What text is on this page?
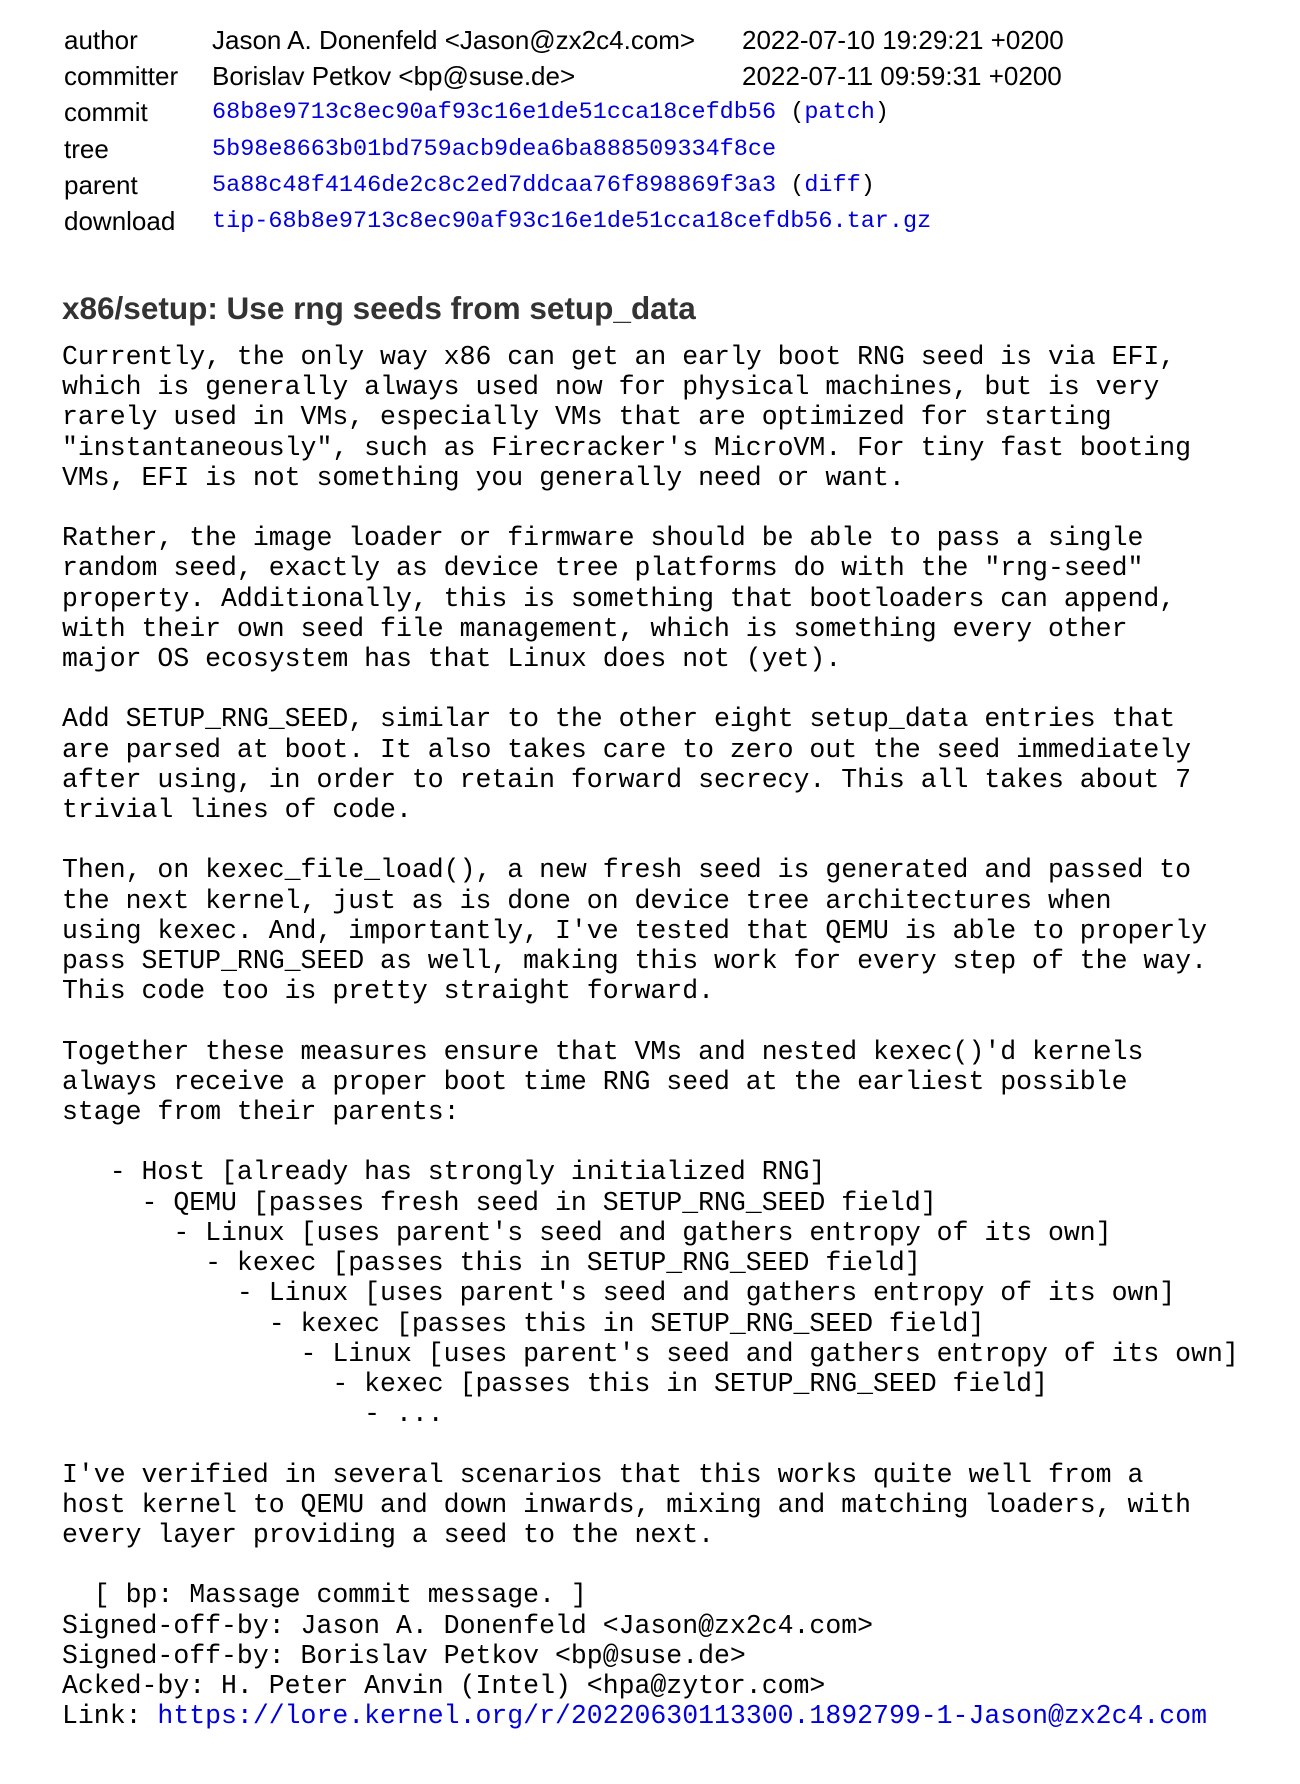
author	Jason A. Donenfeld <Jason@zx2c4.com>	2022-07-10 19:29:21 +0200
committer	Borislav Petkov <bp@suse.de>	2022-07-11 09:59:31 +0200
commit	68b8e9713c8ec90af93c16e1de51cca18cefdb56 (patch)
tree	5b98e8663b01bd759acb9dea6ba888509334f8ce
parent	5a88c48f4146de2c8c2ed7ddcaa76f898869f3a3 (diff)
download	tip-68b8e9713c8ec90af93c16e1de51cca18cefdb56.tar.gz
x86/setup: Use rng seeds from setup_data
Currently, the only way x86 can get an early boot RNG seed is via EFI,
which is generally always used now for physical machines, but is very
rarely used in VMs, especially VMs that are optimized for starting
"instantaneously", such as Firecracker's MicroVM. For tiny fast booting
VMs, EFI is not something you generally need or want.

Rather, the image loader or firmware should be able to pass a single
random seed, exactly as device tree platforms do with the "rng-seed"
property. Additionally, this is something that bootloaders can append,
with their own seed file management, which is something every other
major OS ecosystem has that Linux does not (yet).

Add SETUP_RNG_SEED, similar to the other eight setup_data entries that
are parsed at boot. It also takes care to zero out the seed immediately
after using, in order to retain forward secrecy. This all takes about 7
trivial lines of code.

Then, on kexec_file_load(), a new fresh seed is generated and passed to
the next kernel, just as is done on device tree architectures when
using kexec. And, importantly, I've tested that QEMU is able to properly
pass SETUP_RNG_SEED as well, making this work for every step of the way.
This code too is pretty straight forward.

Together these measures ensure that VMs and nested kexec()'d kernels
always receive a proper boot time RNG seed at the earliest possible
stage from their parents:

- Host [already has strongly initialized RNG]
- QEMU [passes fresh seed in SETUP_RNG_SEED field]
- Linux [uses parent's seed and gathers entropy of its own]
- kexec [passes this in SETUP_RNG_SEED field]
- Linux [uses parent's seed and gathers entropy of its own]
- kexec [passes this in SETUP_RNG_SEED field]
- Linux [uses parent's seed and gathers entropy of its own]
- kexec [passes this in SETUP_RNG_SEED field]
- ...

I've verified in several scenarios that this works quite well from a
host kernel to QEMU and down inwards, mixing and matching loaders, with
every layer providing a seed to the next.

[ bp: Massage commit message. ]

Signed-off-by: Jason A. Donenfeld <Jason@zx2c4.com>
Signed-off-by: Borislav Petkov <bp@suse.de>
Acked-by: H. Peter Anvin (Intel) <hpa@zytor.com>
Link: https://lore.kernel.org/r/20220630113300.1892799-1-Jason@zx2c4.com
